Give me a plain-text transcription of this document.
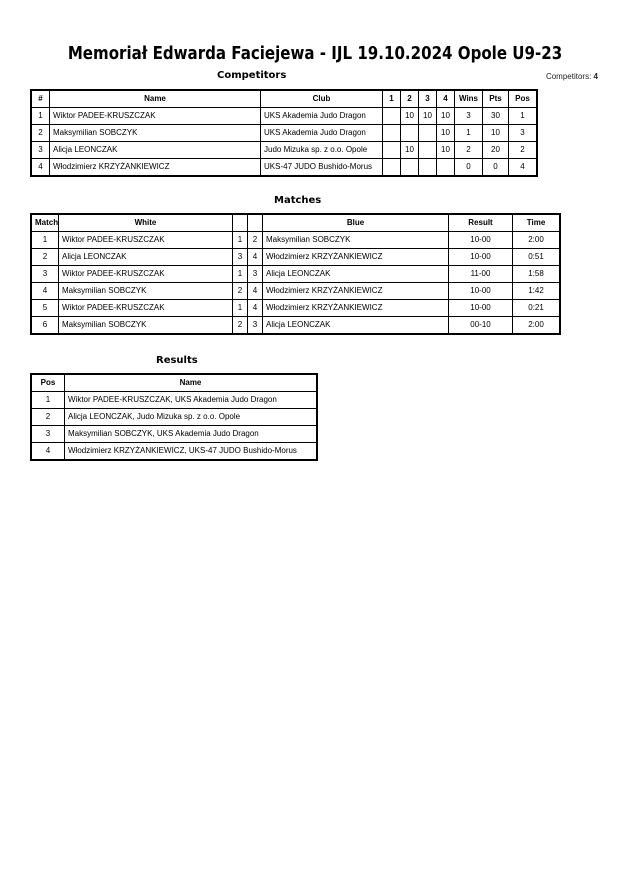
Memoriał Edwarda Faciejewa - IJL 19.10.2024 Opole U9-23
Competitors	Competitors: 4
#	Name	Club	1	2	3	4	Wins	Pts	Pos
1	Wiktor PADEE-KRUSZCZAK	UKS Akademia Judo Dragon		10	10	10	3	30	1
2	Maksymilian SOBCZYK	UKS Akademia Judo Dragon				10	1	10	3
3	Alicja LEONCZAK	Judo Mizuka sp. z o.o. Opole		10		10	2	20	2
4	Włodzimierz KRZYŻANKIEWICZ	UKS-47 JUDO Bushido-Morus					0	0	4
Matches
Match	White			Blue	Result	Time
1	Wiktor PADEE-KRUSZCZAK	1	2	Maksymilian SOBCZYK	10-00	2:00
2	Alicja LEONCZAK	3	4	Włodzimierz KRZYŻANKIEWICZ	10-00	0:51
3	Wiktor PADEE-KRUSZCZAK	1	3	Alicja LEONCZAK	11-00	1:58
4	Maksymilian SOBCZYK	2	4	Włodzimierz KRZYŻANKIEWICZ	10-00	1:42
5	Wiktor PADEE-KRUSZCZAK	1	4	Włodzimierz KRZYŻANKIEWICZ	10-00	0:21
6	Maksymilian SOBCZYK	2	3	Alicja LEONCZAK	00-10	2:00
Results
Pos	Name
1	Wiktor PADEE-KRUSZCZAK, UKS Akademia Judo Dragon
2	Alicja LEONCZAK, Judo Mizuka sp. z o.o. Opole
3	Maksymilian SOBCZYK, UKS Akademia Judo Dragon
4	Włodzimierz KRZYŻANKIEWICZ, UKS-47 JUDO Bushido-Morus
